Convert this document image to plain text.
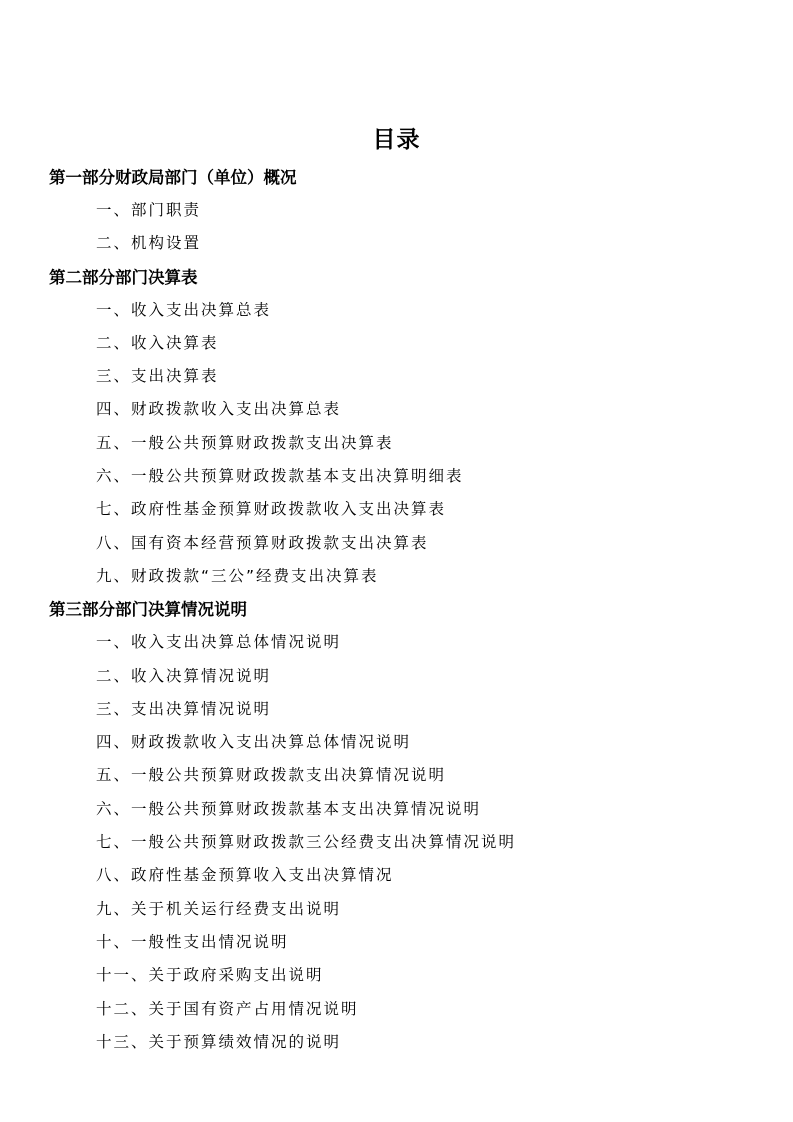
目录
第一部分财政局部门（单位）概况
一、部门职责
二、机构设置
第二部分部门决算表
一、收入支出决算总表
二、收入决算表
三、支出决算表
四、财政拨款收入支出决算总表
五、一般公共预算财政拨款支出决算表
六、一般公共预算财政拨款基本支出决算明细表
七、政府性基金预算财政拨款收入支出决算表
八、国有资本经营预算财政拨款支出决算表
九、财政拨款“三公”经费支出决算表
第三部分部门决算情况说明
一、收入支出决算总体情况说明
二、收入决算情况说明
三、支出决算情况说明
四、财政拨款收入支出决算总体情况说明
五、一般公共预算财政拨款支出决算情况说明
六、一般公共预算财政拨款基本支出决算情况说明
七、一般公共预算财政拨款三公经费支出决算情况说明
八、政府性基金预算收入支出决算情况
九、关于机关运行经费支出说明
十、一般性支出情况说明
十一、关于政府采购支出说明
十二、关于国有资产占用情况说明
十三、关于预算绩效情况的说明
